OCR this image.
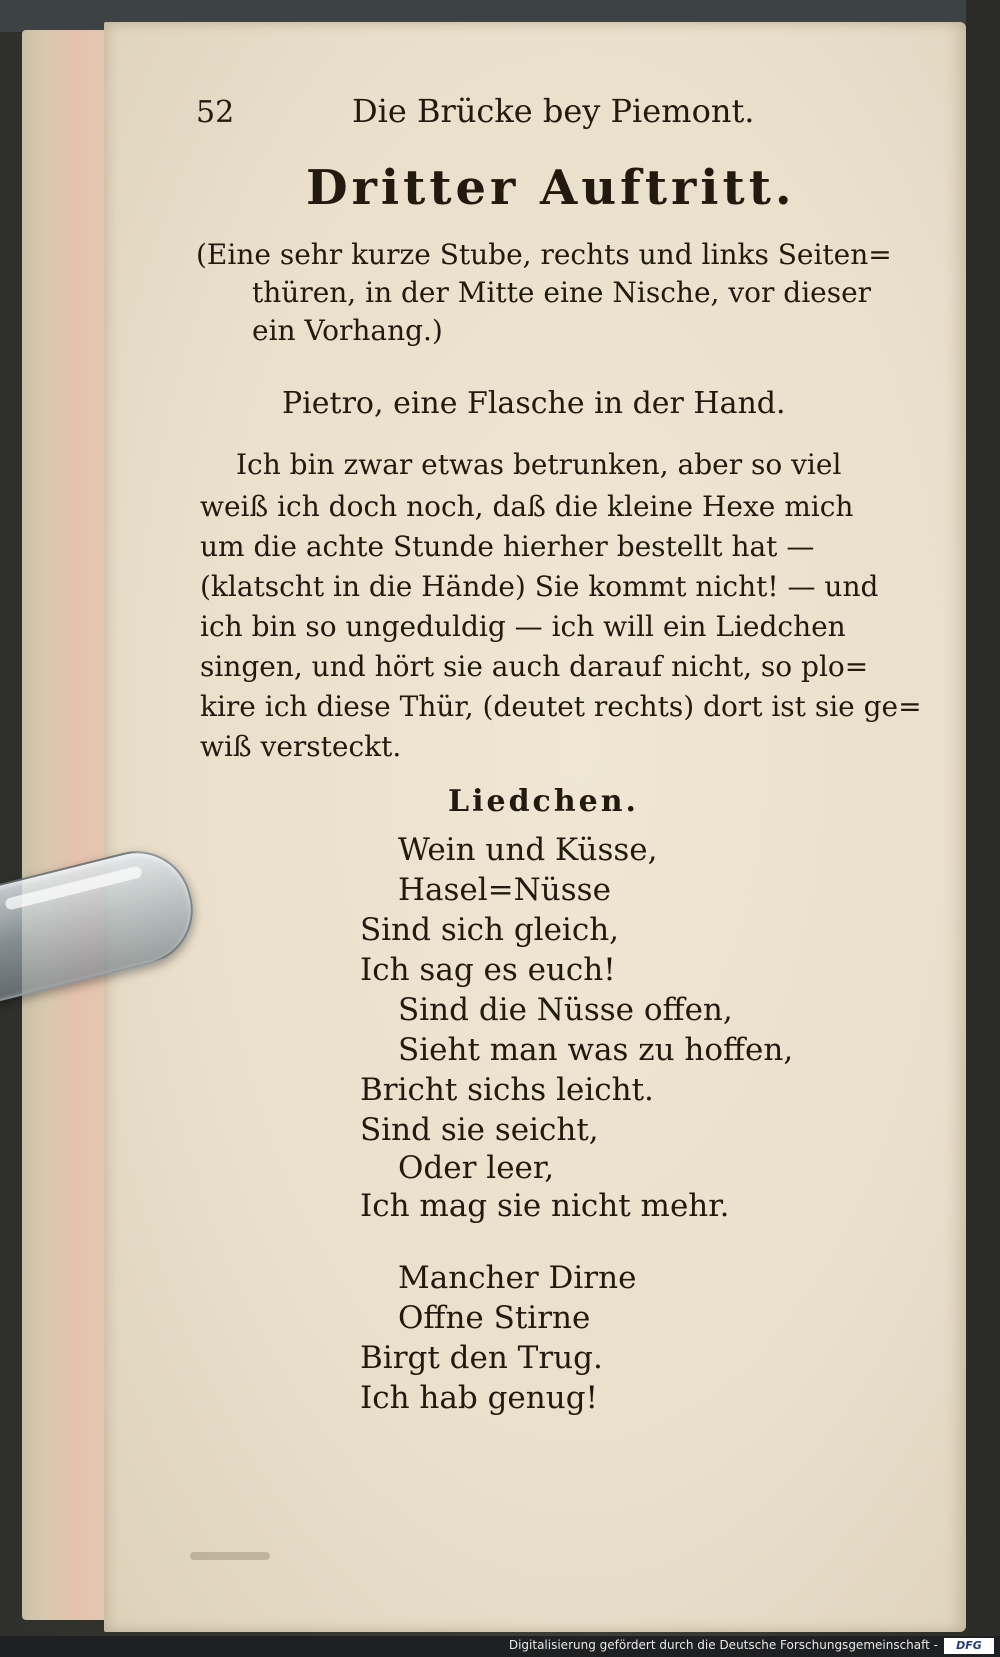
52	Die Brücke bey Piemont.
Dritter Auftritt.
(Eine sehr kurze Stube, rechts und links Seiten=
thüren, in der Mitte eine Nische, vor dieser
ein Vorhang.)
Pietro, eine Flasche in der Hand.
Ich bin zwar etwas betrunken, aber so viel
weiß ich doch noch, daß die kleine Hexe mich
um die achte Stunde hierher bestellt hat —
(klatscht in die Hände) Sie kommt nicht! — und
ich bin so ungeduldig — ich will ein Liedchen
singen, und hört sie auch darauf nicht, so plo=
kire ich diese Thür, (deutet rechts) dort ist sie ge=
wiß versteckt.
Liedchen.
Wein und Küsse,
Hasel=Nüsse
Sind sich gleich,
Ich sag es euch!
Sind die Nüsse offen,
Sieht man was zu hoffen,
Bricht sichs leicht.
Sind sie seicht,
Oder leer,
Ich mag sie nicht mehr.
Mancher Dirne
Offne Stirne
Birgt den Trug.
Ich hab genug!
Digitalisierung gefördert durch die Deutsche Forschungsgemeinschaft -	DFG
